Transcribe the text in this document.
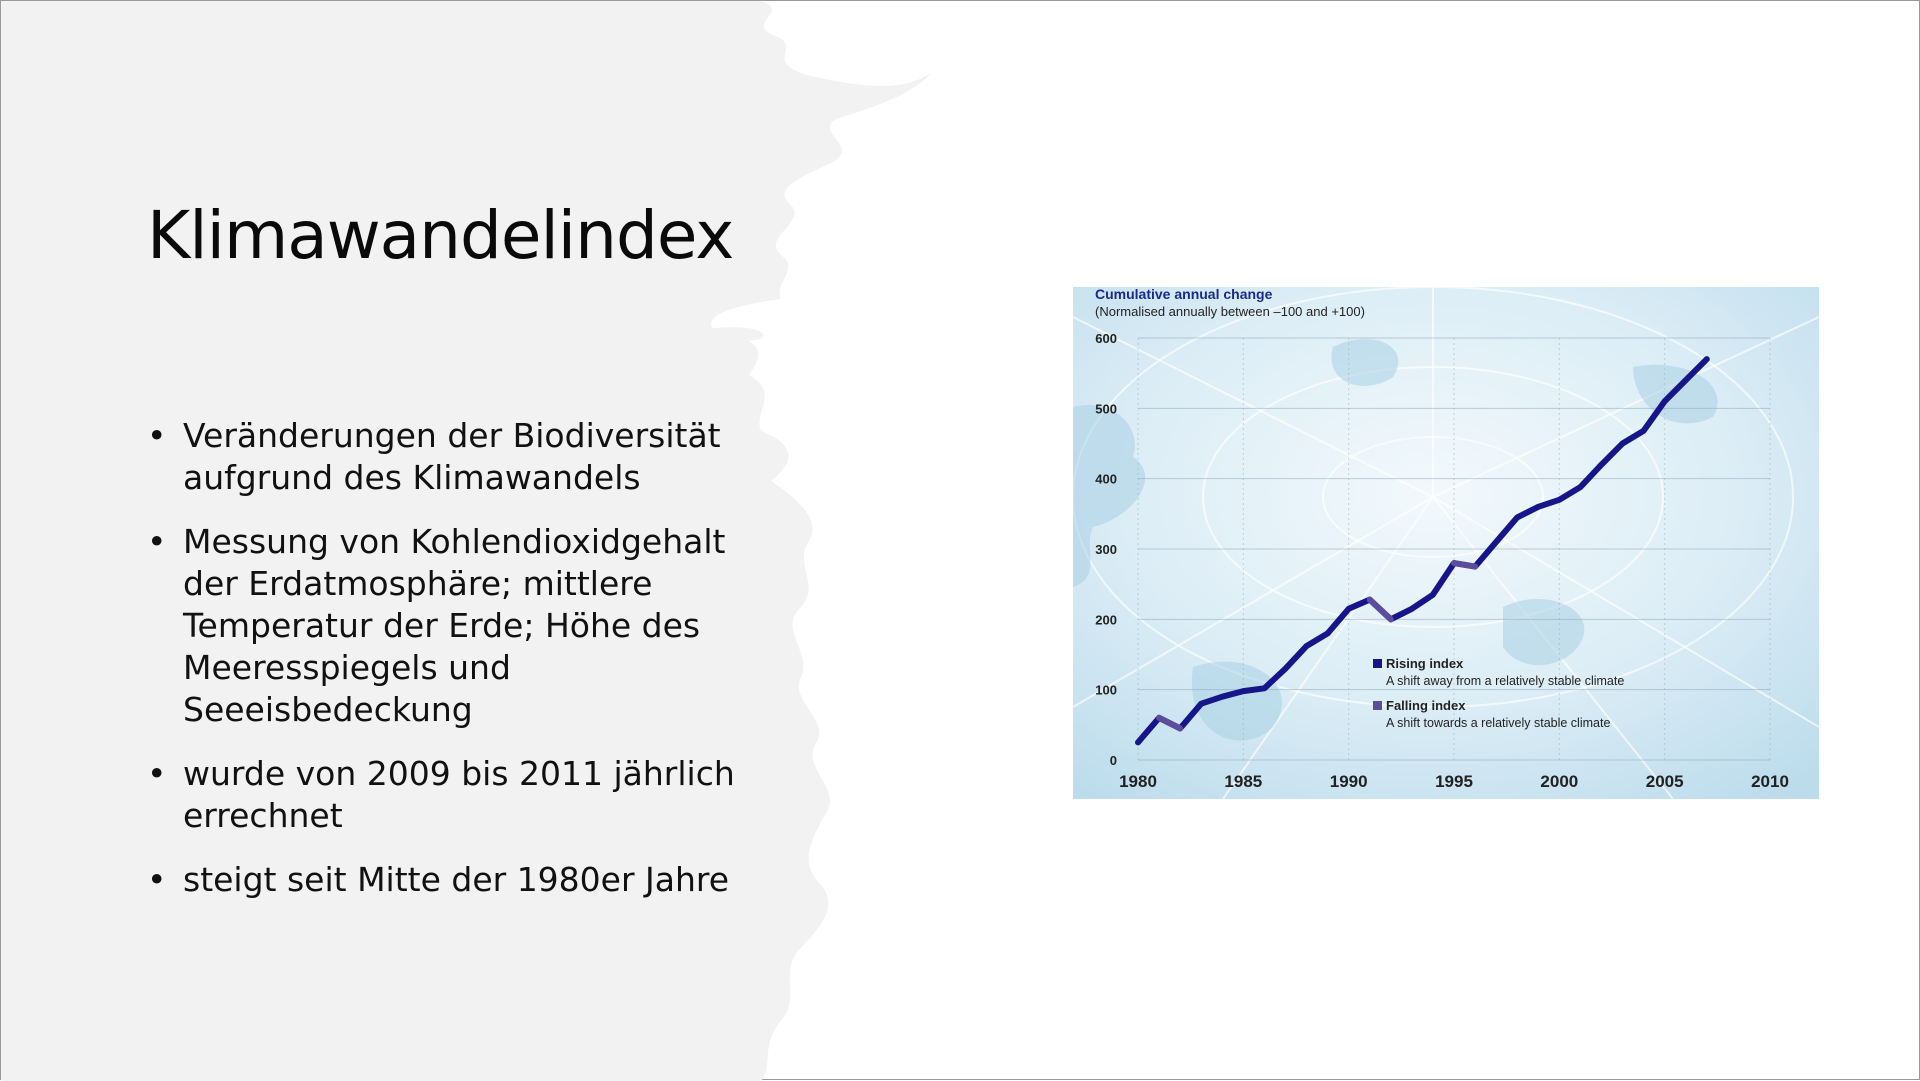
Klimawandelindex
• Veränderungen der Biodiversität aufgrund des Klimawandels
• Messung von Kohlendioxidgehalt der Erdatmosphäre; mittlere Temperatur der Erde; Höhe des Meeresspiegels und Seeeisbedeckung
• wurde von 2009 bis 2011 jährlich errechnet
• steigt seit Mitte der 1980er Jahre
0
100
200
300
400
500
600
1980	1985	1990	1995	2000	2005	2010
Cumulative annual change
(Normalised annually between –100 and +100)
Rising index
A shift away from a relatively stable climate
Falling index
A shift towards a relatively stable climate
